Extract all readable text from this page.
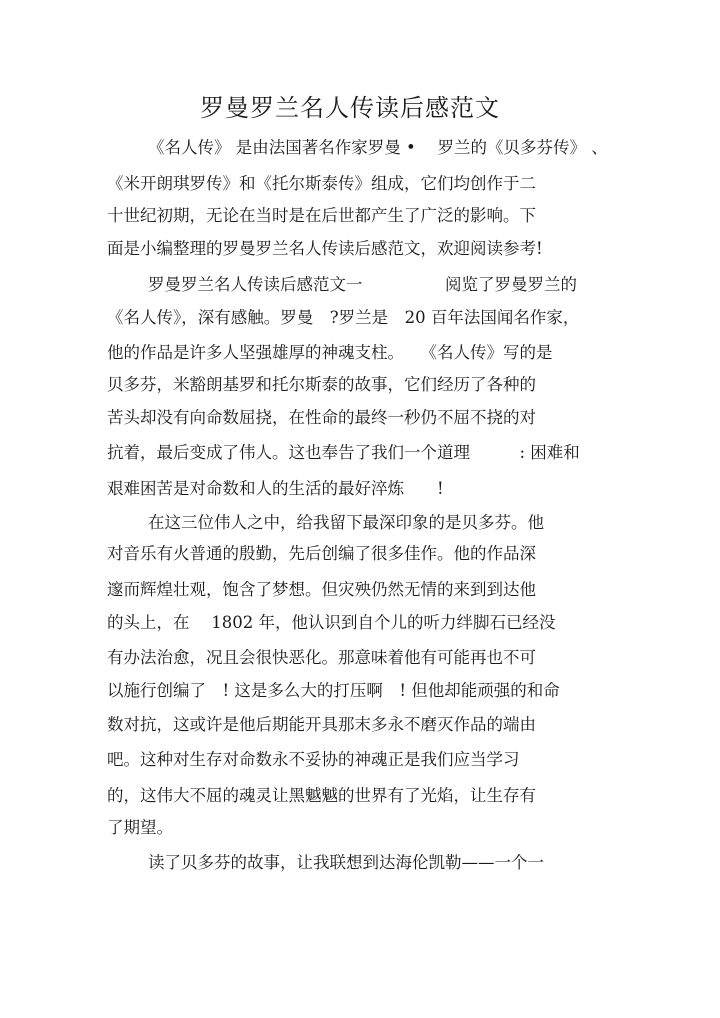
罗曼罗兰名人传读后感范文
《名人传》 是由法国著名作家罗曼 •　 罗兰的《贝多芬传》 、
《米开朗琪罗传》和《托尔斯泰传》组成，它们均创作于二
十世纪初期，无论在当时是在后世都产生了广泛的影响。下
面是小编整理的罗曼罗兰名人传读后感范文，欢迎阅读参考!
罗曼罗兰名人传读后感范文一　　　　　阅览了罗曼罗兰的
《名人传》，深有感触。罗曼　?罗兰是　20 百年法国闻名作家，
他的作品是许多人坚强雄厚的神魂支柱。　　《名人传》写的是
贝多芬，米豁朗基罗和托尔斯泰的故事，它们经历了各种的
苦头却没有向命数屈挠，在性命的最终一秒仍不屈不挠的对
抗着，最后变成了伟人。这也奉告了我们一个道理　　　: 困难和
艰难困苦是对命数和人的生活的最好淬炼　　!
在这三位伟人之中，给我留下最深印象的是贝多芬。他
对音乐有火普通的殷勤，先后创编了很多佳作。他的作品深
邃而辉煌壮观，饱含了梦想。但灾殃仍然无情的来到到达他
的头上，在　 1802 年，他认识到自个儿的听力绊脚石已经没
有办法治愈，况且会很快恶化。那意味着他有可能再也不可
以施行创编了　! 这是多么大的打压啊　! 但他却能顽强的和命
数对抗，这或许是他后期能开具那末多永不磨灭作品的端由
吧。这种对生存对命数永不妥协的神魂正是我们应当学习
的，这伟大不屈的魂灵让黑魆魆的世界有了光焰，让生存有
了期望。
读了贝多芬的故事，让我联想到达海伦凯勒——一个一
